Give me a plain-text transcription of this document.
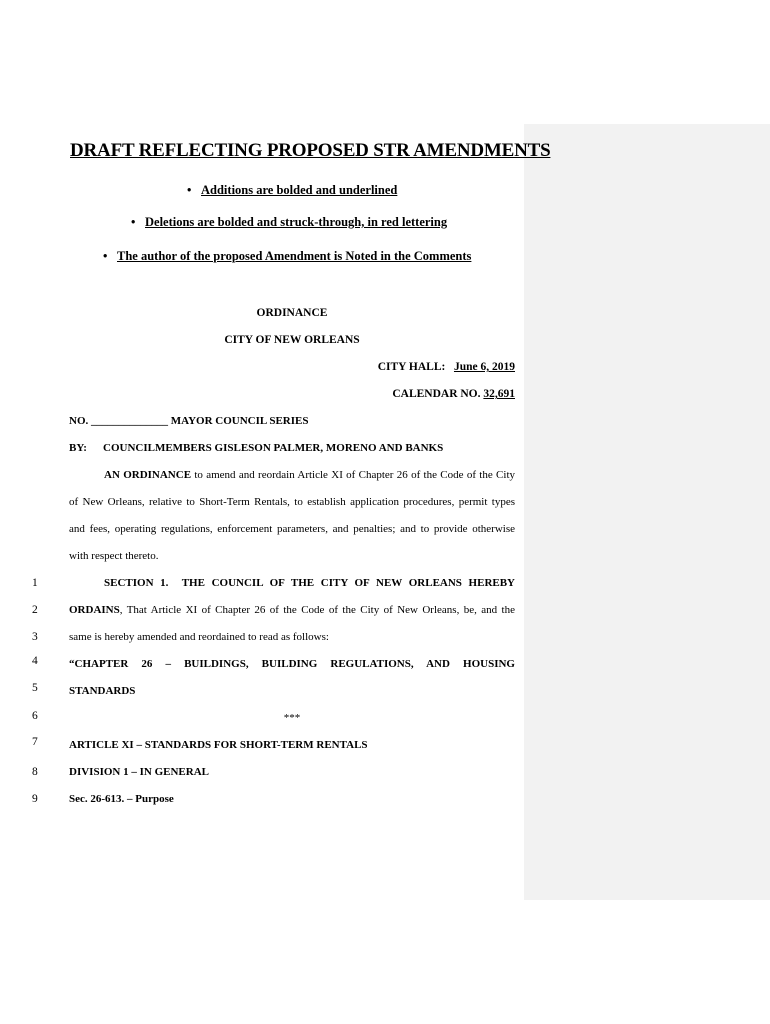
DRAFT REFLECTING PROPOSED STR AMENDMENTS
• Additions are bolded and underlined
• Deletions are bolded and struck-through, in red lettering
• The author of the proposed Amendment is Noted in the Comments
ORDINANCE
CITY OF NEW ORLEANS
CITY HALL: June 6, 2019
CALENDAR NO. 32,691
NO. ______________ MAYOR COUNCIL SERIES
BY: COUNCILMEMBERS GISLESON PALMER, MORENO AND BANKS
AN ORDINANCE to amend and reordain Article XI of Chapter 26 of the Code of the City
of New Orleans, relative to Short-Term Rentals, to establish application procedures, permit types
and fees, operating regulations, enforcement parameters, and penalties; and to provide otherwise
with respect thereto.
1	SECTION 1. THE COUNCIL OF THE CITY OF NEW ORLEANS HEREBY
2	ORDAINS, That Article XI of Chapter 26 of the Code of the City of New Orleans, be, and the
3	same is hereby amended and reordained to read as follows:
4	“CHAPTER 26 – BUILDINGS, BUILDING REGULATIONS, AND HOUSING
5	STANDARDS
6	***
7	ARTICLE XI – STANDARDS FOR SHORT-TERM RENTALS
8	DIVISION 1 – IN GENERAL
9	Sec. 26-613. – Purpose
